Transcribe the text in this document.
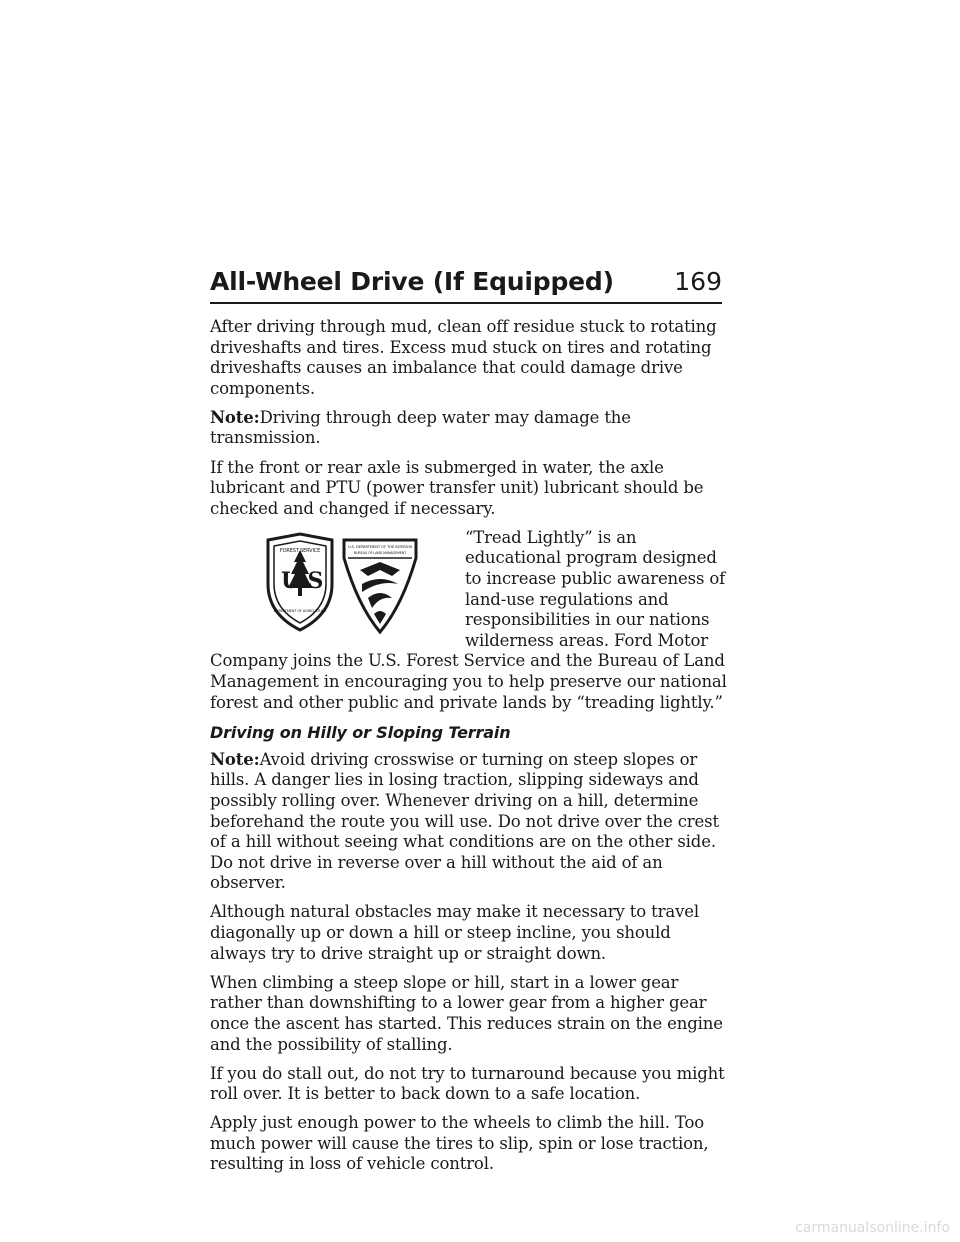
All-Wheel Drive (If Equipped) 169

After driving through mud, clean off residue stuck to rotating driveshafts and tires. Excess mud stuck on tires and rotating driveshafts causes an imbalance that could damage drive components.

Note:Driving through deep water may damage the transmission.

If the front or rear axle is submerged in water, the axle lubricant and PTU (power transfer unit) lubricant should be checked and changed if necessary.

U S
FOREST SERVICE
DEPARTMENT OF AGRICULTURE
U.S. DEPARTMENT OF THE INTERIOR
BUREAU OF LAND MANAGEMENT

“Tread Lightly” is an educational program designed to increase public awareness of land-use regulations and responsibilities in our nations wilderness areas. Ford Motor Company joins the U.S. Forest Service and the Bureau of Land Management in encouraging you to help preserve our national forest and other public and private lands by “treading lightly.”

Driving on Hilly or Sloping Terrain

Note:Avoid driving crosswise or turning on steep slopes or hills. A danger lies in losing traction, slipping sideways and possibly rolling over. Whenever driving on a hill, determine beforehand the route you will use. Do not drive over the crest of a hill without seeing what conditions are on the other side. Do not drive in reverse over a hill without the aid of an observer.

Although natural obstacles may make it necessary to travel diagonally up or down a hill or steep incline, you should always try to drive straight up or straight down.

When climbing a steep slope or hill, start in a lower gear rather than downshifting to a lower gear from a higher gear once the ascent has started. This reduces strain on the engine and the possibility of stalling.

If you do stall out, do not try to turnaround because you might roll over. It is better to back down to a safe location.

Apply just enough power to the wheels to climb the hill. Too much power will cause the tires to slip, spin or lose traction, resulting in loss of vehicle control.

carmanualsonline.info
